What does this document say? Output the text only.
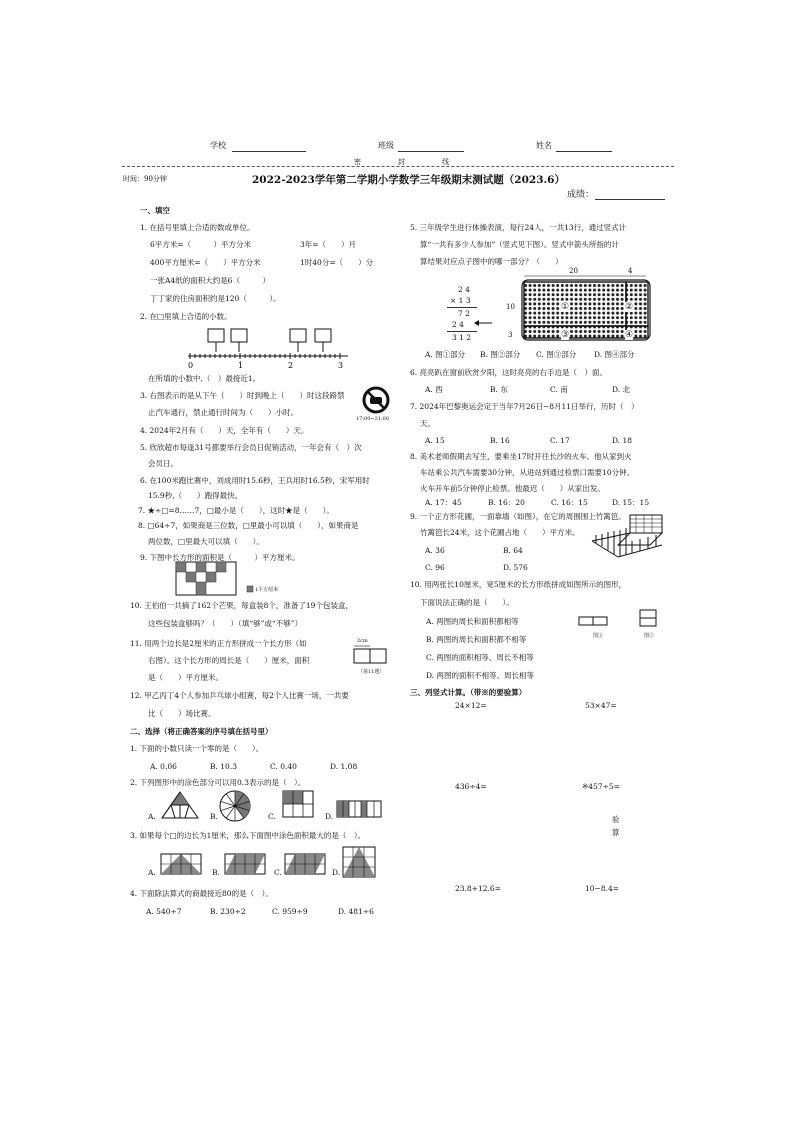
学校	班级	姓名
密	封	线
时间：90分钟	2022-2023学年第二学期小学数学三年级期末测试题（2023.6）
成绩：
一、填空
1. 在括号里填上合适的数或单位。
6平方米=（　　　）平方分米	3年=（　　）月
400平方厘米=（　　）平方分米	1时40分=（　　）分
一张A4纸的面积大约是6（　　　）
丁丁家的住房面积约是120（　　　）。
2. 在□里填上合适的小数。
0	1	2	3
在所填的小数中,（　）最接近1。
3. 右图表示的是从下午（　　）时到晚上（　　）时这段路禁
止汽车通行，禁止通行时间为（　　）小时。
17:00~21:00
4. 2024年2月有（　　）天，全年有（　　）天。
5. 欣欣超市每逢31号都要举行会员日促销活动，一年会有（　）次
会员日。
6. 在100米跑比赛中，刘成用时15.6秒，王兵用时16.5秒，宋军用时
15.9秒,（　　）跑得最快。
7. ★÷□=8……7，□最小是（　　），这时★是（　　）。
8. □64÷7，如果商是三位数，□里最小可以填（　　），如果商是
两位数，□里最大可以填（　　）。
9. 下图中长方形的面积是（　　　）平方厘米。
1平方厘米
10. 王伯伯一共摘了162个芒果，每盒装8个，准备了19个包装盒，
这些包装盒够吗？（　　）（填“够”或“不够”）
11. 用两个边长是2厘米的正方形拼成一个长方形（如
右图）。这个长方形的周长是（　　）厘米，面积
是（　　）平方厘米。
2cm
（第11题）
12. 甲乙丙丁4个人参加乒乓球小组赛，每2个人比赛一场，一共要
比（　　）场比赛。
二、选择（将正确答案的序号填在括号里）
1. 下面的小数只读一个零的是（　　）。
A. 0.06	B. 10.3	C. 0.40	D. 1.08
2. 下列图形中的涂色部分可以用0.3表示的是（　）。
A.	B.	C.	D.
3. 如果每个□的边长为1厘米，那么下面图中涂色面积最大的是（　）。
A.	B.	C.	D.
4. 下面除法算式的商最接近80的是（　）。
A. 540÷7	B. 230÷2	C. 959÷9	D. 481÷6
5. 三年级学生进行体操表演，每行24人，一共13行，通过竖式计
算“一共有多少人参加”（竖式见下图）。竖式中箭头所指的计
算结果对应点子图中的哪一部分？（　　）
2 4
× 1 3
7 2
2 4
3 1 2
20	4
10
3
①	②
③	④
A. 图①部分 B. 图②部分 C. 图③部分 D. 图④部分
6. 亮亮趴在窗前欣赏夕阳，这时亮亮的右手边是（　）面。
A. 西	B. 东	C. 南	D. 北
7. 2024年巴黎奥运会定于当年7月26日~8月11日举行，历时（　）
天。
A. 15	B. 16	C. 17	D. 18
8. 美术老师假期去写生，要乘坐17时开往长沙的火车。他从家到火
车站乘公共汽车需要30分钟，从进站到通过检票口需要10分钟。
火车开车前5分钟停止检票。他最迟（　　）从家出发。
A. 17：45	B. 16：20	C. 16：15	D. 15：15
9. 一个正方形花圃，一面靠墙（如图），在它的周围围上竹篱笆。
竹篱笆长24米，这个花圃占地（　　）平方米。
A. 36	B. 64
C. 96	D. 576
10. 用两张长10厘米，宽5厘米的长方形纸拼成如图所示的图形，
下面说法正确的是（　　）。
A. 两图的周长和面积都相等
B. 两图的周长和面积都不相等
C. 两图的面积相等、周长不相等
D. 两图的面积不相等、周长相等
图①	图②
三、列竖式计算。（带※的要验算）
24×12=	53×47=
436÷4=	※457÷5=
验
算
23.8+12.6=	10−8.4=
